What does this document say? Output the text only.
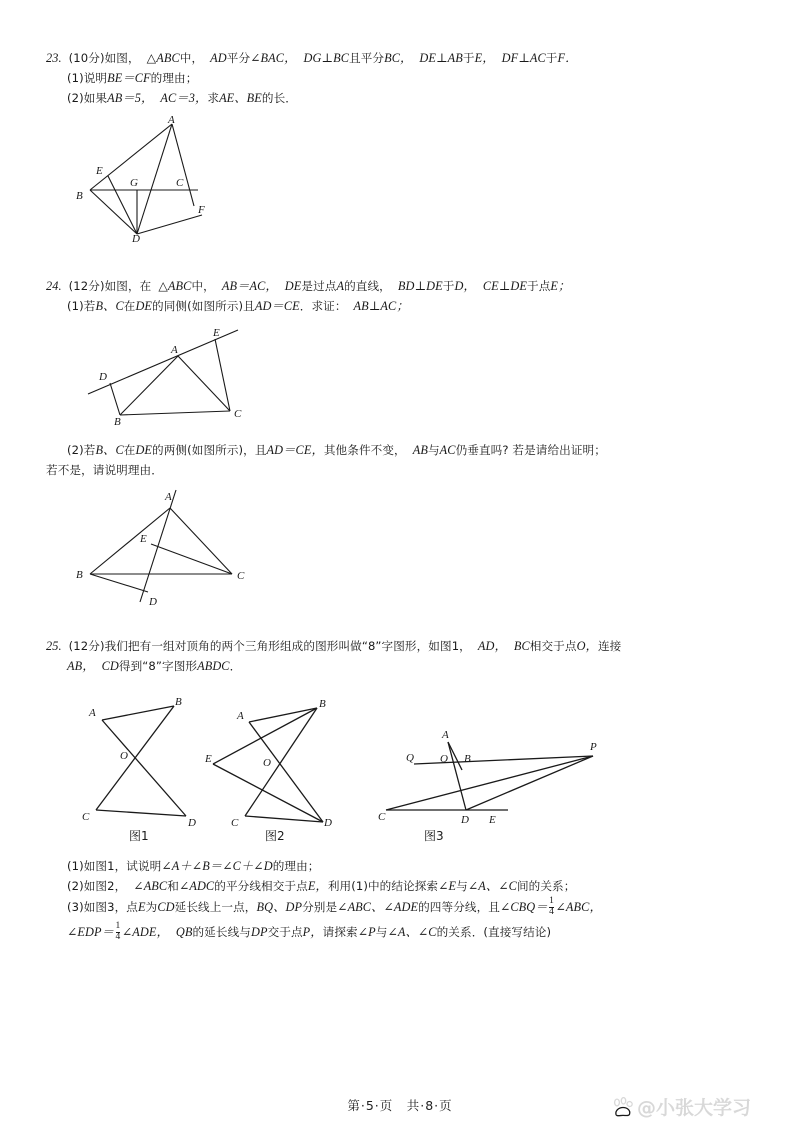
23. (10分)如图， △ABC中， AD平分∠BAC， DG⊥BC且平分BC， DE⊥AB于E， DF⊥AC于F．
(1)说明BE＝CF的理由；
(2)如果AB＝5， AC＝3，求AE、BE的长．
A
B
C
D
E
F
G
24. (12分)如图，在 △ABC中， AB＝AC， DE是过点A的直线， BD⊥DE于D， CE⊥DE于点E；
(1)若B、C在DE的同侧(如图所示)且AD＝CE．求证： AB⊥AC；
A
B
C
D
E
(2)若B、C在DE的两侧(如图所示)，且AD＝CE，其他条件不变， AB与AC仍垂直吗? 若是请给出证明；
若不是，请说明理由．
A
B	C
D
E
25. (12分)我们把有一组对顶角的两个三角形组成的图形叫做“8”字图形，如图1， AD， BC相交于点O，连接
AB， CD得到“8”字图形ABDC．
A
B
C	D
O
图1
A
B
C	D
E	O
图2
A
B
C	D E
O
P
Q
图3
(1)如图1，试说明∠A＋∠B＝∠C＋∠D的理由；
(2)如图2， ∠ABC和∠ADC的平分线相交于点E，利用(1)中的结论探索∠E与∠A、∠C间的关系；
(3)如图3，点E为CD延长线上一点，BQ、DP分别是∠ABC、∠ADE的四等分线，且∠CBQ＝ $\frac{1}{4}$ ∠ABC，
∠EDP＝ $\frac{1}{4}$ ∠ADE， QB的延长线与DP交于点P，请探索∠P与∠A、∠C的关系．(直接写结论)
第·5·页　共·8·页	@小张大学习
